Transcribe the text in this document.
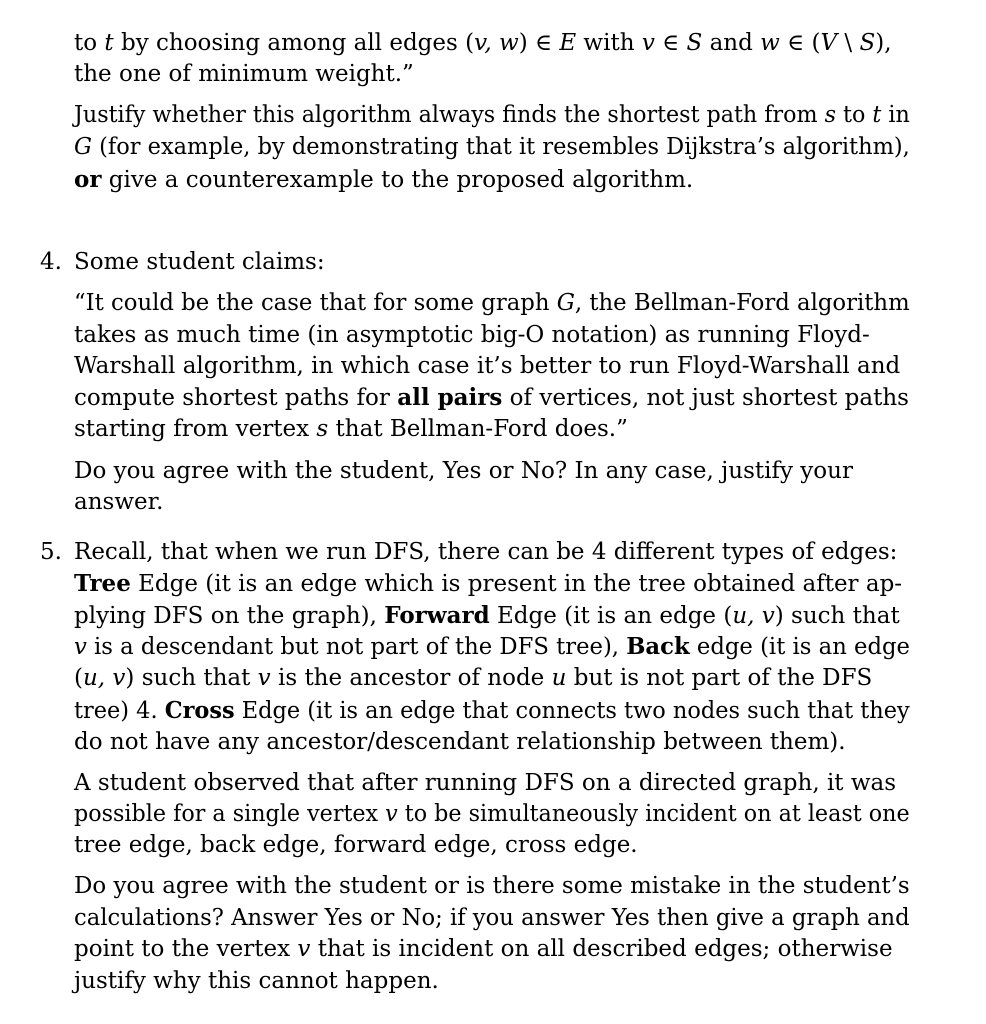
to t by choosing among all edges (v, w) ∈ E with v ∈ S and w ∈ (V \ S),
the one of minimum weight.”
Justify whether this algorithm always finds the shortest path from s to t in
G (for example, by demonstrating that it resembles Dijkstra’s algorithm),
or give a counterexample to the proposed algorithm.
4. Some student claims:
“It could be the case that for some graph G, the Bellman-Ford algorithm
takes as much time (in asymptotic big-O notation) as running Floyd-
Warshall algorithm, in which case it’s better to run Floyd-Warshall and
compute shortest paths for all pairs of vertices, not just shortest paths
starting from vertex s that Bellman-Ford does.”
Do you agree with the student, Yes or No? In any case, justify your
answer.
5. Recall, that when we run DFS, there can be 4 different types of edges:
Tree Edge (it is an edge which is present in the tree obtained after ap-
plying DFS on the graph), Forward Edge (it is an edge (u, v) such that
v is a descendant but not part of the DFS tree), Back edge (it is an edge
(u, v) such that v is the ancestor of node u but is not part of the DFS
tree) 4. Cross Edge (it is an edge that connects two nodes such that they
do not have any ancestor/descendant relationship between them).
A student observed that after running DFS on a directed graph, it was
possible for a single vertex v to be simultaneously incident on at least one
tree edge, back edge, forward edge, cross edge.
Do you agree with the student or is there some mistake in the student’s
calculations? Answer Yes or No; if you answer Yes then give a graph and
point to the vertex v that is incident on all described edges; otherwise
justify why this cannot happen.
